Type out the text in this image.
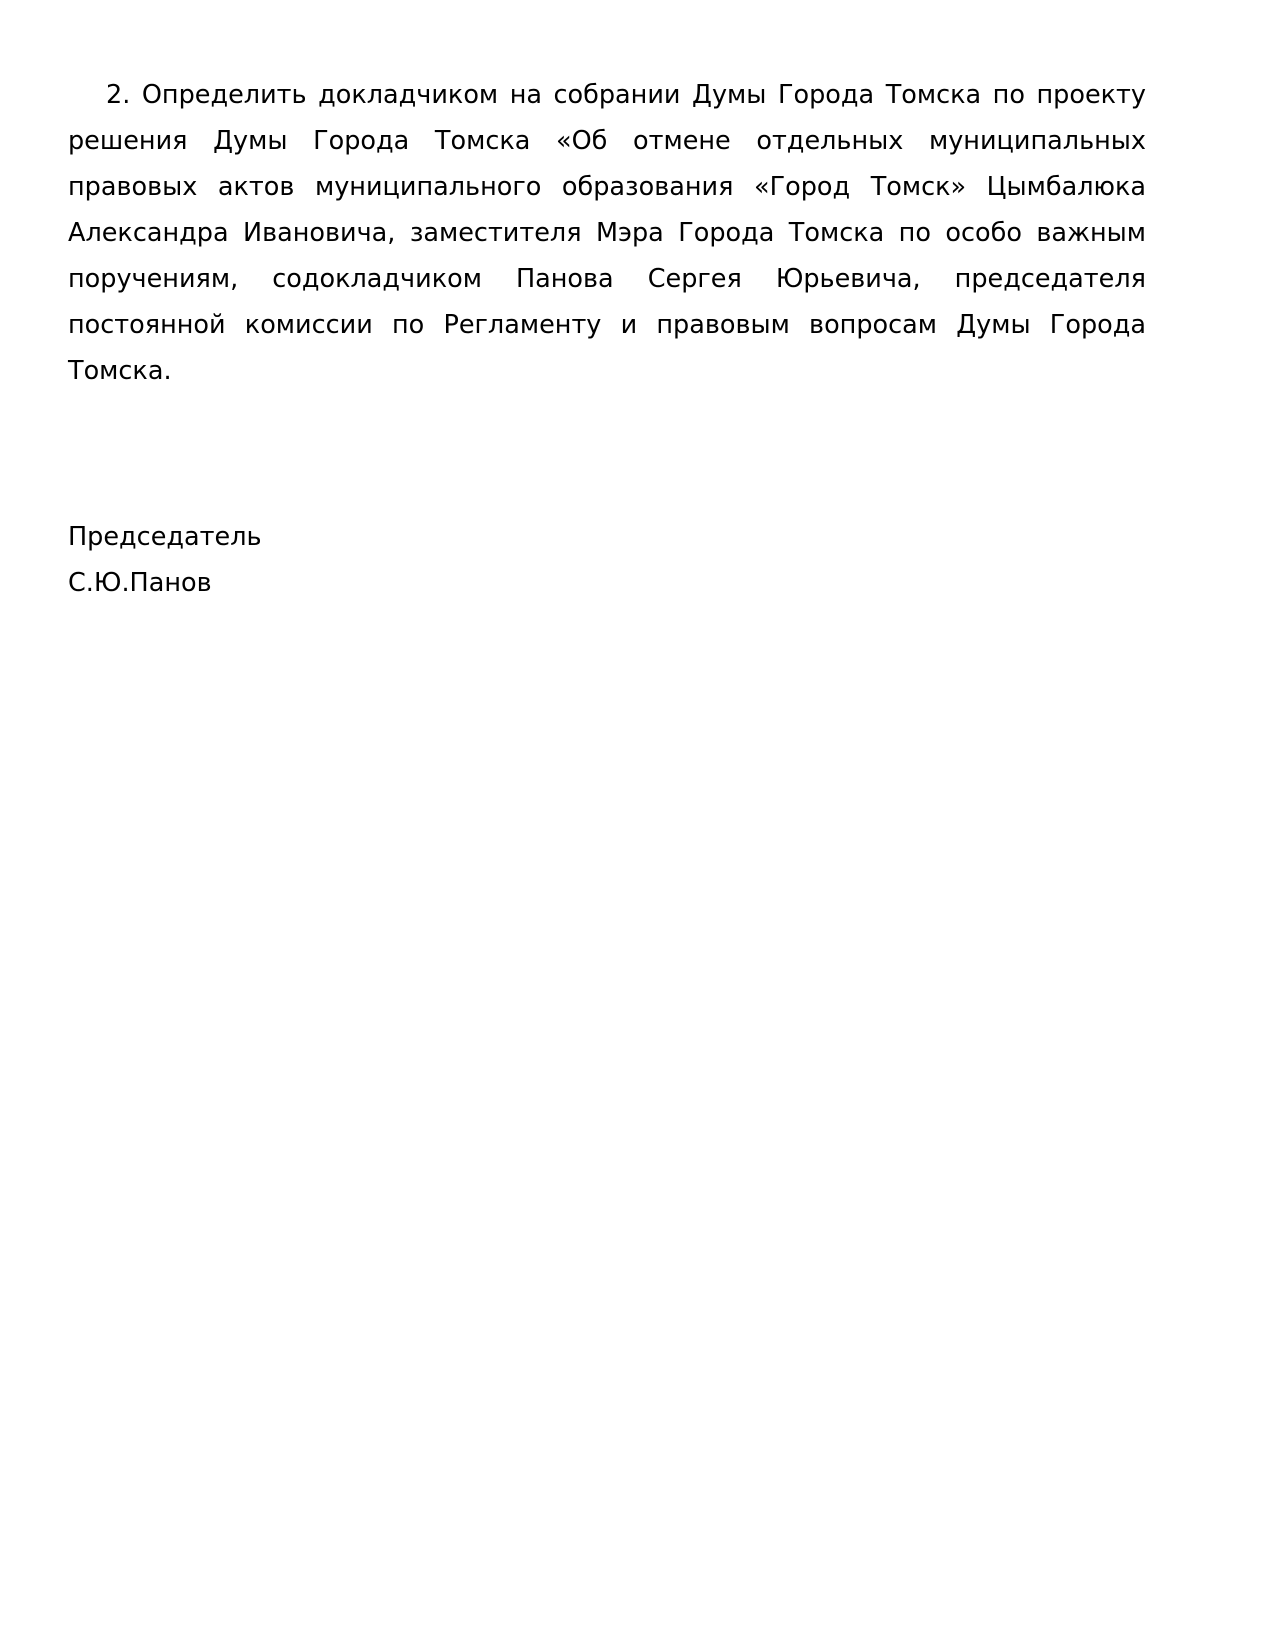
2. Определить докладчиком на собрании Думы Города Томска по проекту решения Думы Города Томска «Об отмене отдельных муниципальных правовых актов муниципального образования «Город Томск» Цымбалюка Александра Ивановича, заместителя Мэра Города Томска по особо важным поручениям, содокладчиком Панова Сергея Юрьевича, председателя постоянной комиссии по Регламенту и правовым вопросам Думы Города Томска.

Председатель

С.Ю.Панов
